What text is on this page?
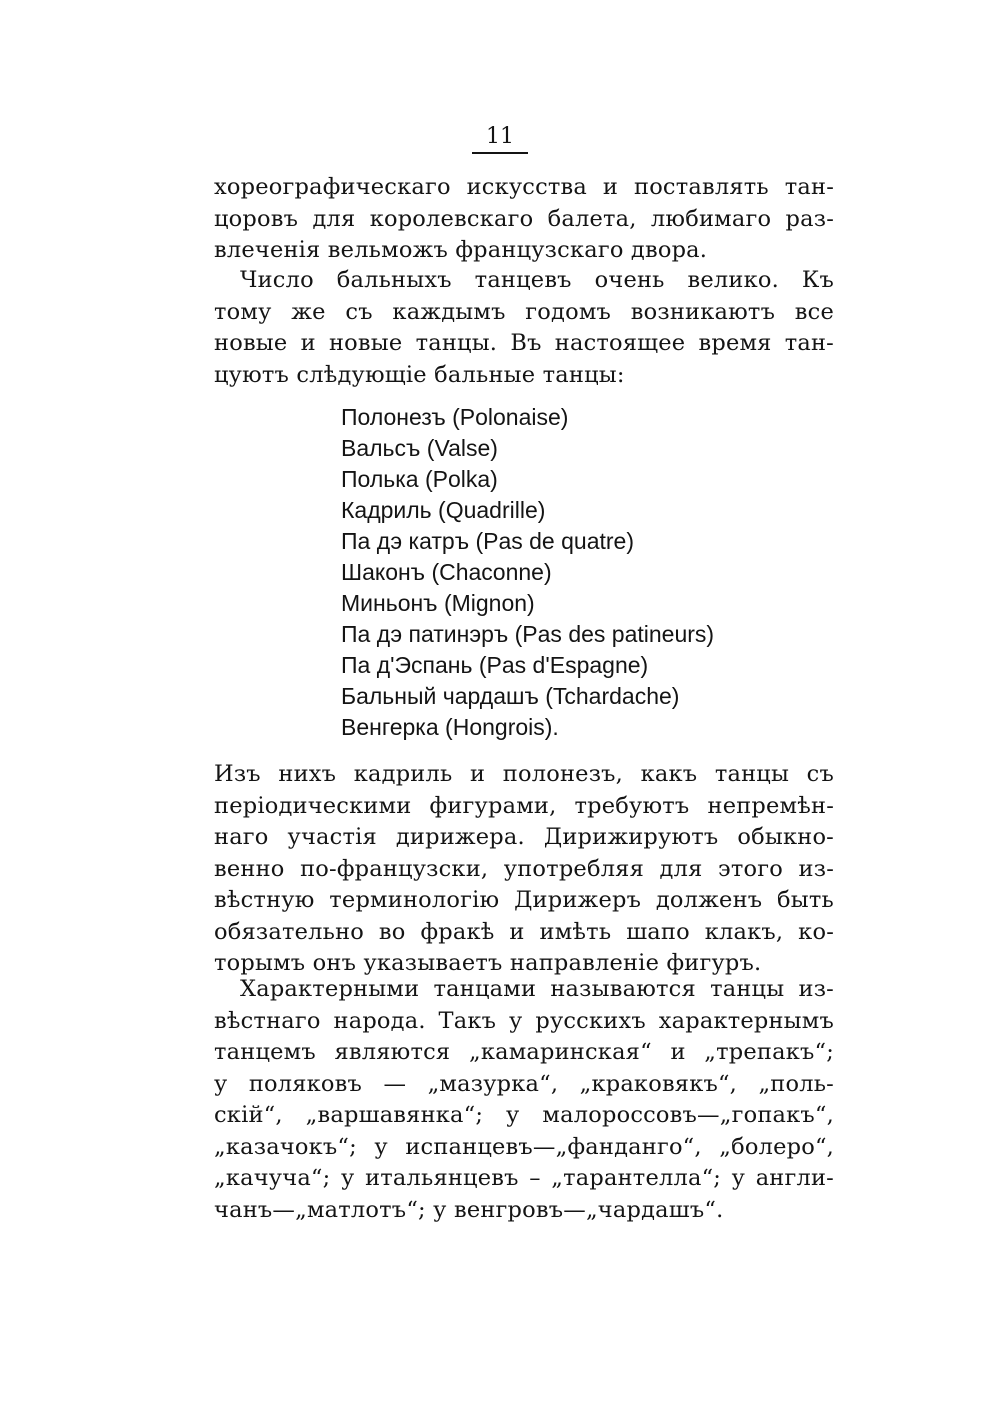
11
хореографическаго искусства и поставлять тан-
цоровъ для королевскаго балета, любимаго раз-
влеченія вельможъ французскаго двора.
Число бальныхъ танцевъ очень велико. Къ
тому же съ каждымъ годомъ возникаютъ все
новые и новые танцы. Въ настоящее время тан-
цуютъ слѣдующіе бальные танцы:
Полонезъ (Polonaise)
Вальсъ (Valse)
Полька (Polka)
Кадриль (Quadrille)
Па дэ катръ (Pas de quatre)
Шаконъ (Chaconne)
Миньонъ (Mignon)
Па дэ патинэръ (Pas des patineurs)
Па д'Эспань (Pas d'Espagne)
Бальный чардашъ (Tchardache)
Венгерка (Hongrois).
Изъ нихъ кадриль и полонезъ, какъ танцы съ
періодическими фигурами, требуютъ непремѣн-
наго участія дирижера. Дирижируютъ обыкно-
венно по-французски, употребляя для этого из-
вѣстную терминологію Дирижеръ долженъ быть
обязательно во фракѣ и имѣть шапо клакъ, ко-
торымъ онъ указываетъ направленіе фигуръ.
Характерными танцами называются танцы из-
вѣстнаго народа. Такъ у русскихъ характернымъ
танцемъ являются „камаринская“ и „трепакъ“;
у поляковъ — „мазурка“, „краковякъ“, „поль-
скій“, „варшавянка“; у малороссовъ—„гопакъ“,
„казачокъ“; у испанцевъ—„фанданго“, „болеро“,
„качуча“; у итальянцевъ – „тарантелла“; у англи-
чанъ—„матлотъ“; у венгровъ—„чардашъ“.
